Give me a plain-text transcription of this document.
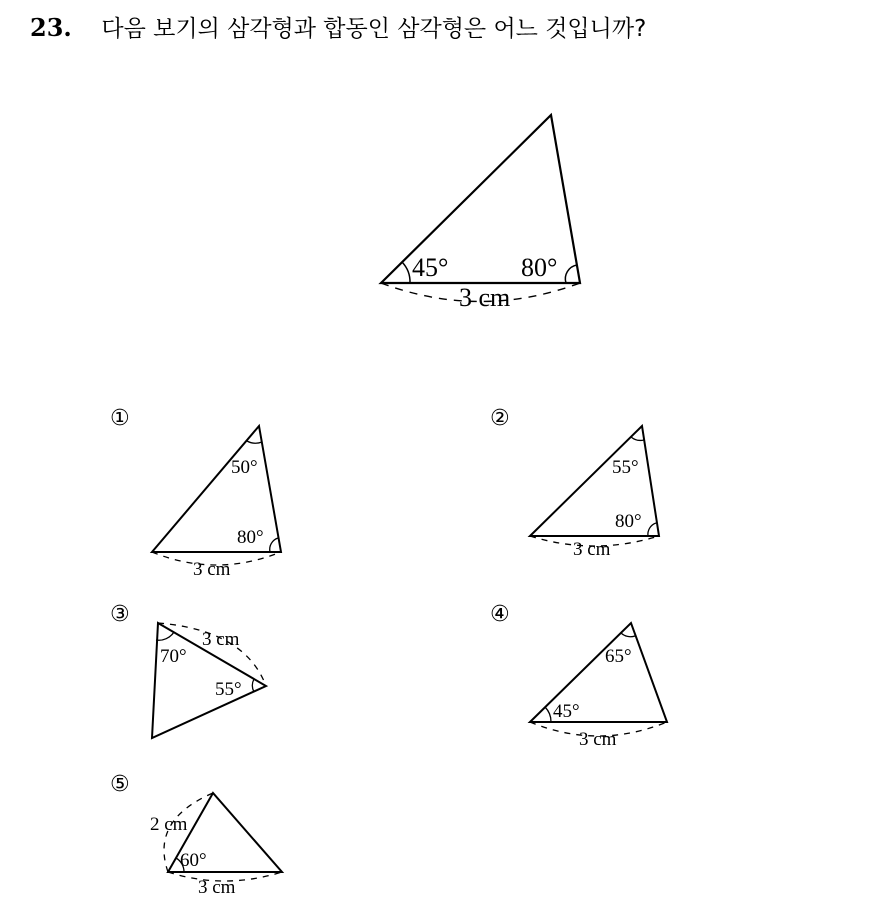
23. 다음 보기의 삼각형과 합동인 삼각형은 어느 것입니까?
45°	80°
3 cm
①
50°
80°
3 cm
②
55°
80°
3 cm
③
70°
3 cm
55°
④
65°
45°
3 cm
⑤
2 cm
60°
3 cm
